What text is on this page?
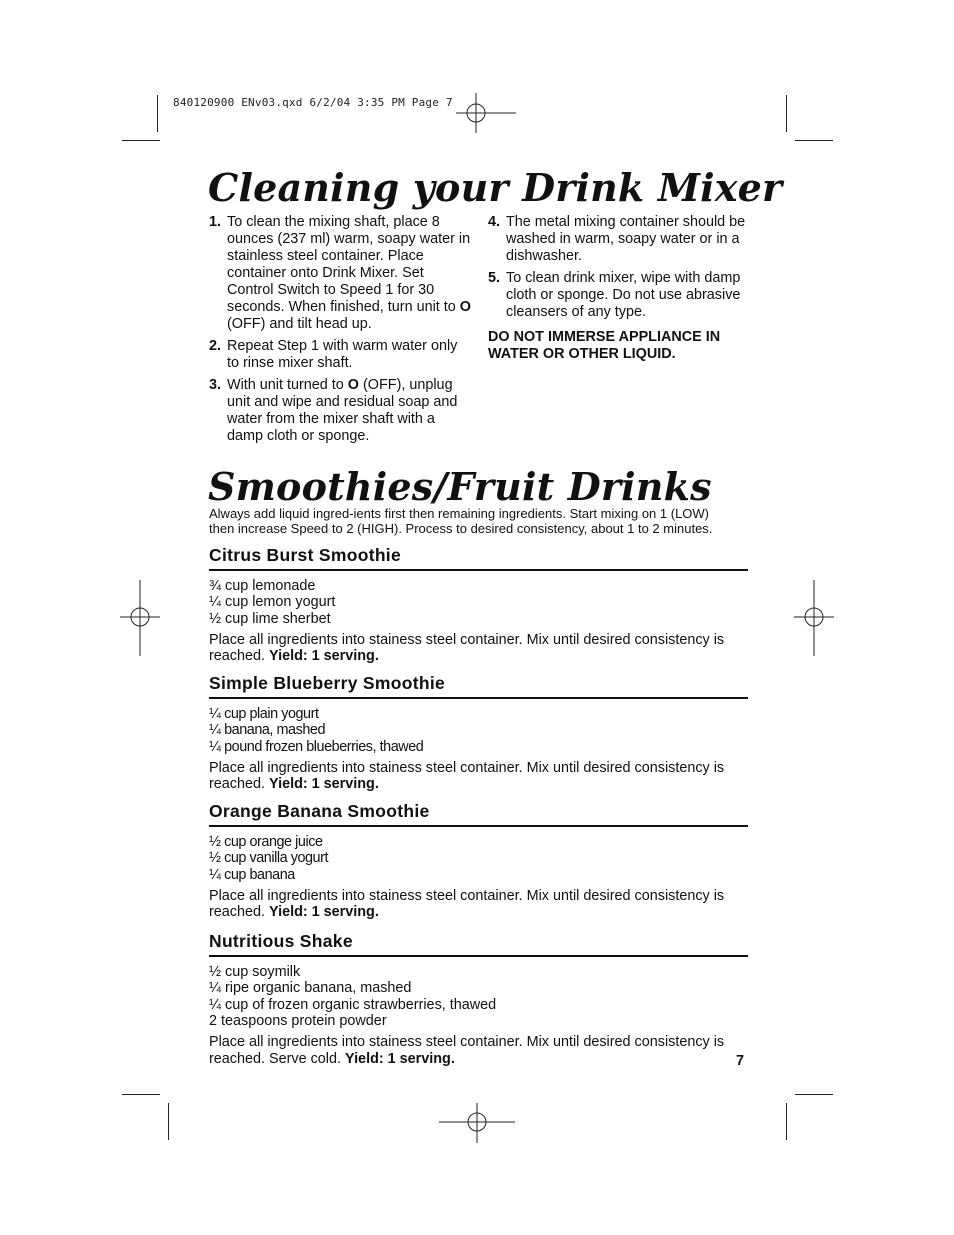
840120900 ENv03.qxd 6/2/04 3:35 PM Page 7
Cleaning your Drink Mixer
1. To clean the mixing shaft, place 8 ounces (237 ml) warm, soapy water in stainless steel container. Place container onto Drink Mixer. Set Control Switch to Speed 1 for 30 seconds. When finished, turn unit to O (OFF) and tilt head up.
2. Repeat Step 1 with warm water only to rinse mixer shaft.
3. With unit turned to O (OFF), unplug unit and wipe and residual soap and water from the mixer shaft with a damp cloth or sponge.
4. The metal mixing container should be washed in warm, soapy water or in a dishwasher.
5. To clean drink mixer, wipe with damp cloth or sponge. Do not use abrasive cleansers of any type.
DO NOT IMMERSE APPLIANCE IN
WATER OR OTHER LIQUID.
Smoothies/Fruit Drinks
Always add liquid ingred-ients first then remaining ingredients. Start mixing on 1 (LOW)
then increase Speed to 2 (HIGH). Process to desired consistency, about 1 to 2 minutes.
Citrus Burst Smoothie
¾ cup lemonade
¼ cup lemon yogurt
½ cup lime sherbet
Place all ingredients into stainess steel container. Mix until desired consistency is reached. Yield: 1 serving.
Simple Blueberry Smoothie
¼ cup plain yogurt
¼ banana, mashed
¼ pound frozen blueberries, thawed
Place all ingredients into stainess steel container. Mix until desired consistency is reached. Yield: 1 serving.
Orange Banana Smoothie
½ cup orange juice
½ cup vanilla yogurt
¼ cup banana
Place all ingredients into stainess steel container. Mix until desired consistency is reached. Yield: 1 serving.
Nutritious Shake
½ cup soymilk
¼ ripe organic banana, mashed
¼ cup of frozen organic strawberries, thawed
2 teaspoons protein powder
Place all ingredients into stainess steel container. Mix until desired consistency is reached. Serve cold. Yield: 1 serving.	7
